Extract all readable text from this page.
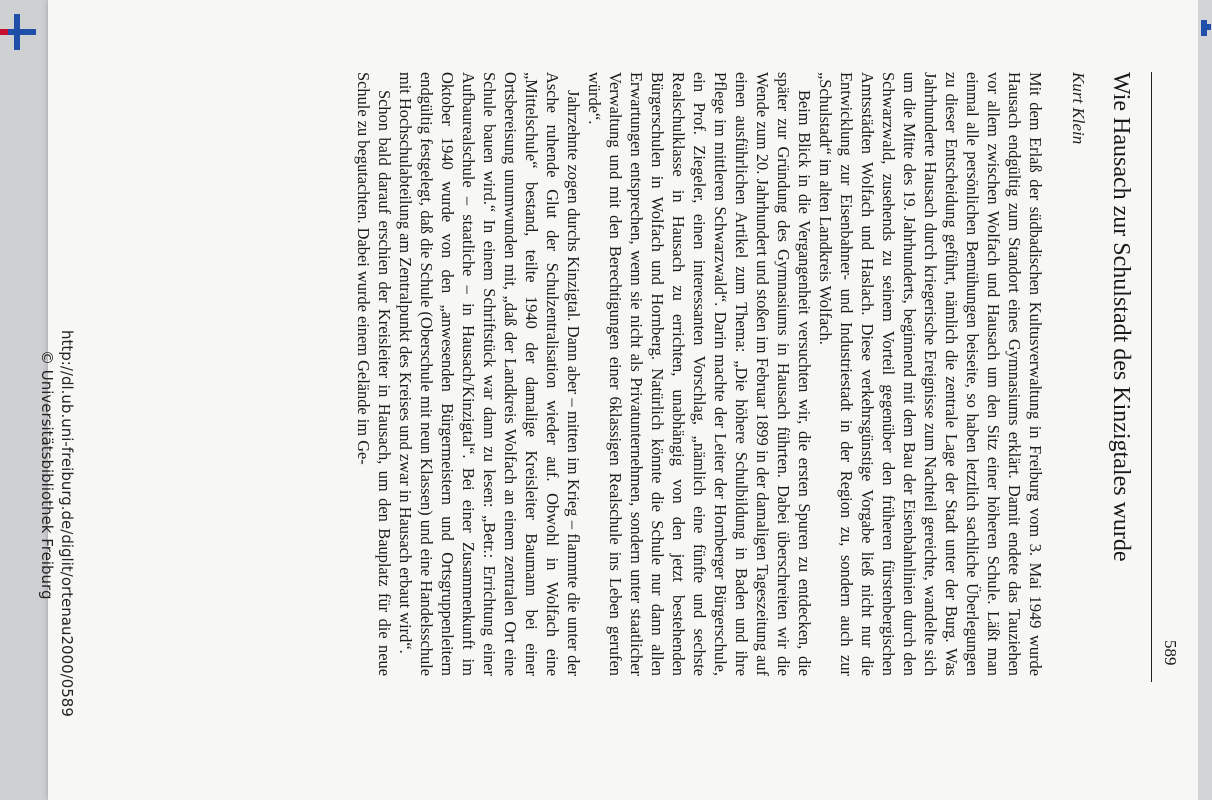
589
Wie Hausach zur Schulstadt des Kinzigtales wurde
Kurt Klein

Mit dem Erlaß der südbadischen Kultusverwaltung in Freiburg vom 3. Mai 1949 wurde Hausach endgültig zum Standort eines Gymnasiums erklärt. Damit endete das Tauziehen vor allem zwischen Wolfach und Hausach um den Sitz einer höheren Schule. Läßt man einmal alle persönlichen Bemühungen beiseite, so haben letztlich sachliche Überlegungen zu dieser Entscheidung geführt, nämlich die zentrale Lage der Stadt unter der Burg. Was Jahrhunderte Hausach durch kriegerische Ereignisse zum Nachteil gereichte, wandelte sich um die Mitte des 19. Jahrhunderts, beginnend mit dem Bau der Eisenbahnlinien durch den Schwarzwald, zusehends zu seinem Vorteil gegenüber den früheren fürstenbergischen Amtsstädten Wolfach und Haslach. Diese verkehrsgünstige Vorgabe ließ nicht nur die Entwicklung zur Eisenbahner- und Industriestadt in der Region zu, sondern auch zur „Schulstadt“ im alten Landkreis Wolfach.

Beim Blick in die Vergangenheit versuchten wir, die ersten Spuren zu entdecken, die später zur Gründung des Gymnasiums in Hausach führten. Dabei überschreiten wir die Wende zum 20. Jahrhundert und stoßen im Februar 1899 in der damaligen Tageszeitung auf einen ausführlichen Artikel zum Thema: „Die höhere Schulbildung in Baden und ihre Pflege im mittleren Schwarzwald“. Darin machte der Leiter der Hornberger Bürgerschule, ein Prof. Ziegeler, einen interessanten Vorschlag, „nämlich eine fünfte und sechste Realschulklasse in Hausach zu errichten, unabhängig von den jetzt bestehenden Bürgerschulen in Wolfach und Hornberg. Natürlich könnte die Schule nur dann allen Erwartungen entsprechen, wenn sie nicht als Privatunternehmen, sondern unter staatlicher Verwaltung und mit den Berechtigungen einer 6klassigen Realschule ins Leben gerufen würde“.

Jahrzehnte zogen durchs Kinzigtal. Dann aber – mitten im Krieg – flammte die unter der Asche ruhende Glut der Schulzentralisation wieder auf. Obwohl in Wolfach eine „Mittelschule“ bestand, teilte 1940 der damalige Kreisleiter Baumann bei einer Ortsbereisung unumwunden mit, „daß der Landkreis Wolfach an einem zentralen Ort eine Schule bauen wird.“ In einem Schriftstück war dann zu lesen: „Betr.: Errichtung einer Aufbaurealschule – staatliche – in Hausach/Kinzigtal“. Bei einer Zusammenkunft im Oktober 1940 wurde von den „anwesenden Bürgermeistern und Ortsgruppenleitern endgültig festgelegt, daß die Schule (Oberschule mit neun Klassen) und eine Handelsschule mit Hochschulabteilung am Zentralpunkt des Kreises und zwar in Hausach erbaut wird“.

Schon bald darauf erschien der Kreisleiter in Hausach, um den Bauplatz für die neue Schule zu begutachten. Dabei wurde einem Gelände im Ge-

http://dl.ub.uni-freiburg.de/diglit/ortenau2000/0589
© Universitätsbibliothek Freiburg
